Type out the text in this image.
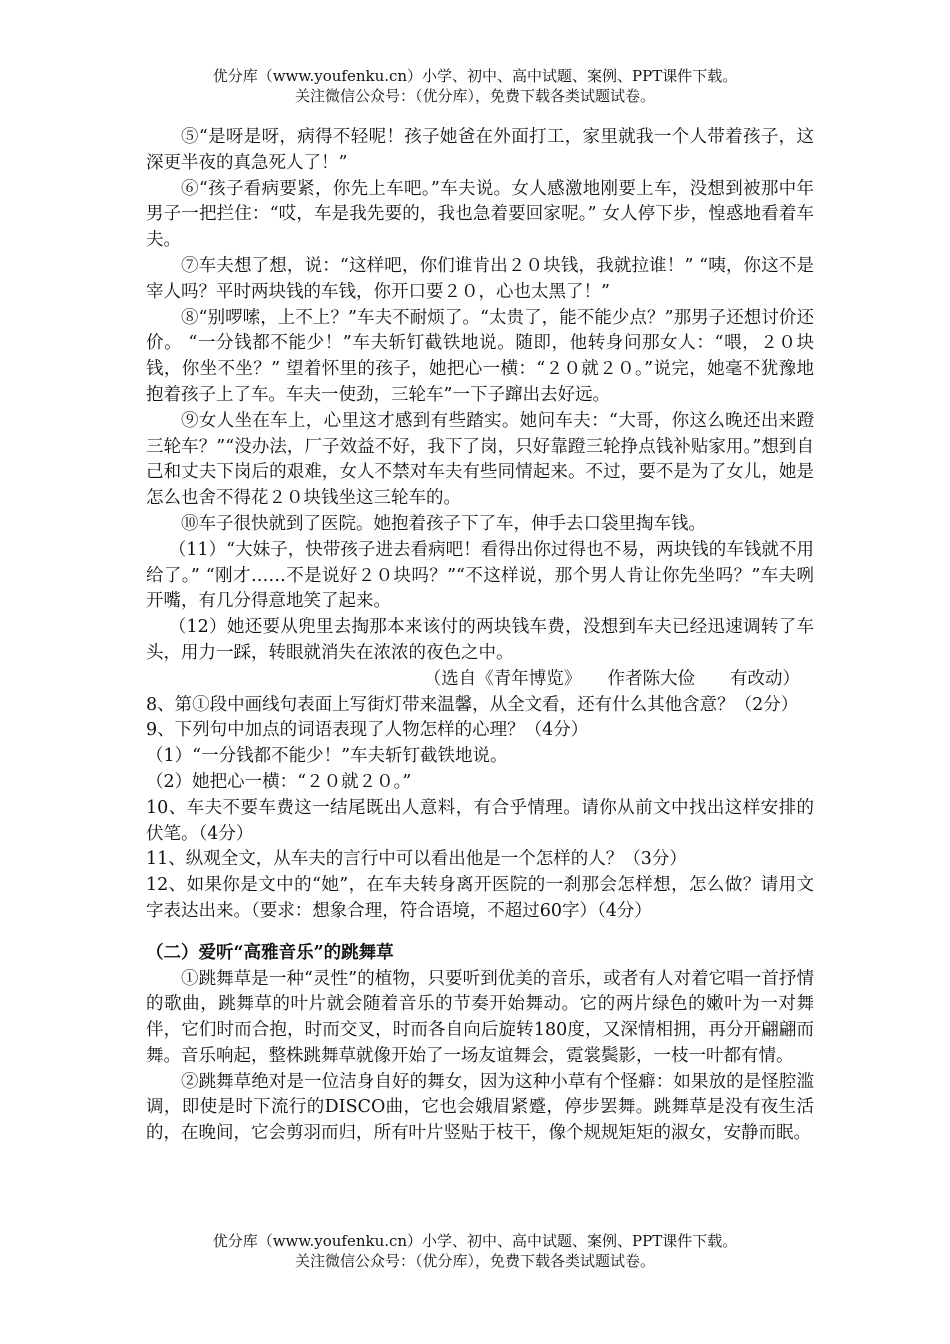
优分库（www.youfenku.cn）小学、初中、高中试题、案例、PPT课件下载。
关注微信公众号：（优分库），免费下载各类试题试卷。

⑤“是呀是呀，病得不轻呢！孩子她爸在外面打工，家里就我一个人带着孩子，这深更半夜的真急死人了！”

⑥“孩子看病要紧，你先上车吧。”车夫说。女人感激地刚要上车，没想到被那中年男子一把拦住：“哎，车是我先要的，我也急着要回家呢。” 女人停下步，惶惑地看着车夫。

⑦车夫想了想，说：“这样吧，你们谁肯出２０块钱，我就拉谁！” “咦，你这不是宰人吗？平时两块钱的车钱，你开口要２０，心也太黑了！”

⑧“别啰嗦，上不上？”车夫不耐烦了。“太贵了，能不能少点？”那男子还想讨价还价。 “一分钱都不能少！”车夫斩钉截铁地说。随即，他转身问那女人：“喂，２０块钱，你坐不坐？” 望着怀里的孩子，她把心一横：“２０就２０。”说完，她毫不犹豫地抱着孩子上了车。车夫一使劲，三轮车”一下子蹿出去好远。

⑨女人坐在车上，心里这才感到有些踏实。她问车夫：“大哥，你这么晚还出来蹬三轮车？”“没办法，厂子效益不好，我下了岗，只好靠蹬三轮挣点钱补贴家用。”想到自己和丈夫下岗后的艰难，女人不禁对车夫有些同情起来。不过，要不是为了女儿，她是怎么也舍不得花２０块钱坐这三轮车的。

⑩车子很快就到了医院。她抱着孩子下了车，伸手去口袋里掏车钱。

（11）“大妹子，快带孩子进去看病吧！看得出你过得也不易，两块钱的车钱就不用给了。” “刚才……不是说好２０块吗？”“不这样说，那个男人肯让你先坐吗？”车夫咧开嘴，有几分得意地笑了起来。

（12）她还要从兜里去掏那本来该付的两块钱车费，没想到车夫已经迅速调转了车头，用力一踩，转眼就消失在浓浓的夜色之中。

（选自《青年博览》　　作者陈大俭　　有改动）

8、第①段中画线句表面上写街灯带来温馨，从全文看，还有什么其他含意？（2分）

9、下列句中加点的词语表现了人物怎样的心理？（4分）

（1）“一分钱都不能少！”车夫斩钉截铁地说。

（2）她把心一横：“２０就２０。”

10、车夫不要车费这一结尾既出人意料，有合乎情理。请你从前文中找出这样安排的伏笔。（4分）

11、纵观全文，从车夫的言行中可以看出他是一个怎样的人？（3分）

12、如果你是文中的“她”，在车夫转身离开医院的一刹那会怎样想，怎么做？请用文字表达出来。（要求：想象合理，符合语境，不超过60字）（4分）

（二）爱听“高雅音乐”的跳舞草

①跳舞草是一种“灵性”的植物，只要听到优美的音乐，或者有人对着它唱一首抒情的歌曲，跳舞草的叶片就会随着音乐的节奏开始舞动。它的两片绿色的嫩叶为一对舞伴，它们时而合抱，时而交叉，时而各自向后旋转180度，又深情相拥，再分开翩翩而舞。音乐响起，整株跳舞草就像开始了一场友谊舞会，霓裳鬓影，一枝一叶都有情。

②跳舞草绝对是一位洁身自好的舞女，因为这种小草有个怪癖：如果放的是怪腔滥调，即使是时下流行的DISCO曲，它也会娥眉紧蹙，停步罢舞。跳舞草是没有夜生活的，在晚间，它会剪羽而归，所有叶片竖贴于枝干，像个规规矩矩的淑女，安静而眠。

优分库（www.youfenku.cn）小学、初中、高中试题、案例、PPT课件下载。
关注微信公众号：（优分库），免费下载各类试题试卷。
